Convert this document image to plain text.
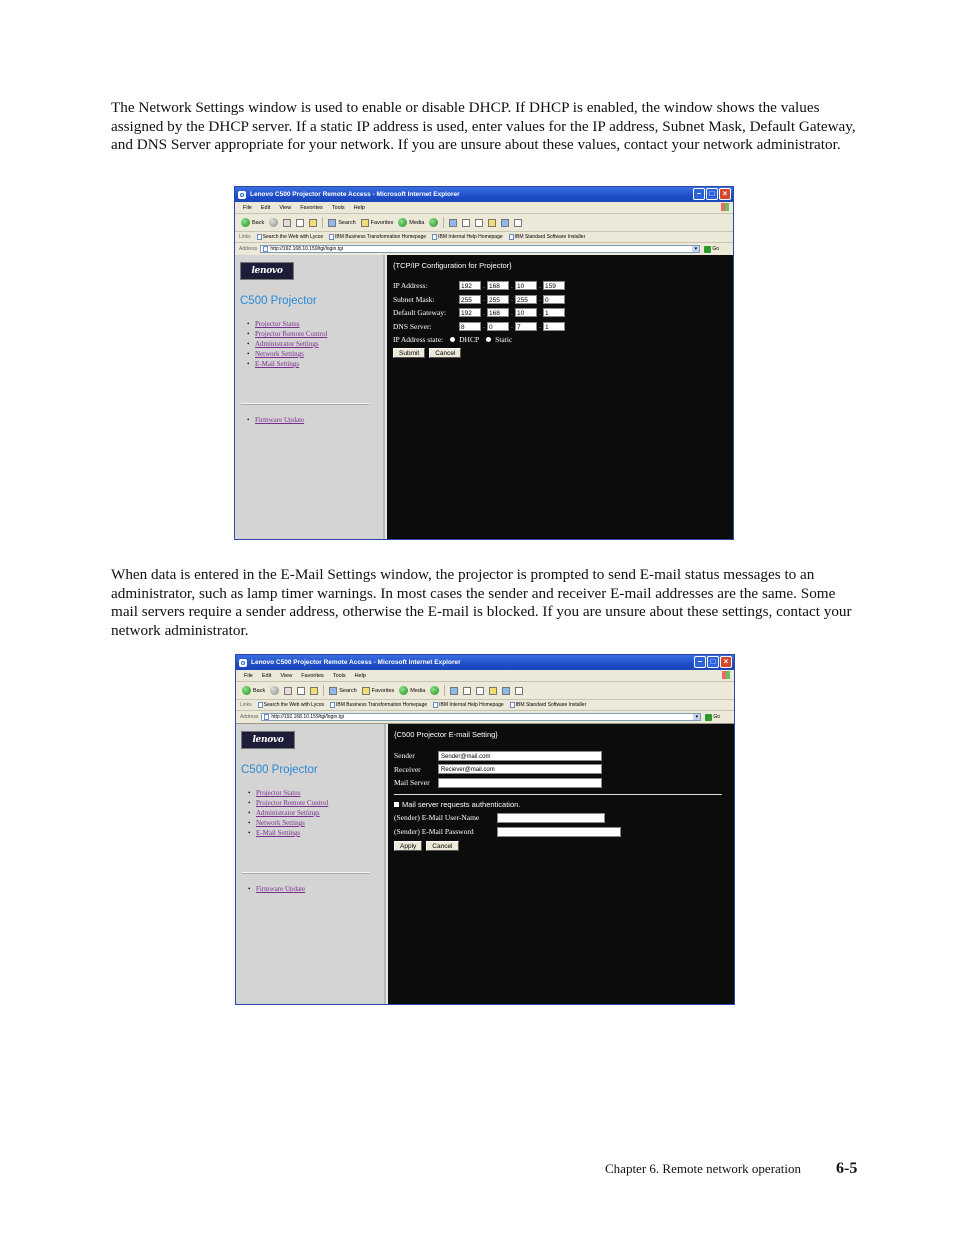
The Network Settings window is used to enable or disable DHCP. If DHCP is enabled, the window shows the values assigned by the DHCP server. If a static IP address is used, enter values for the IP address, Subnet Mask, Default Gateway, and DNS Server appropriate for your network. If you are unsure about these values, contact your network administrator.

Lenovo C500 Projector Remote Access - Microsoft Internet Explorer	–	□	×
File Edit View Favorites Tools Help
Back	Search	Favorites	Media
Links Search the Web with Lycos IBM Business Transformation Homepage IBM Internal Help Homepage IBM Standard Software Installer
Address	http://192.168.10.159/tgi/login.tgi	▾	Go
lenovo
C500 Projector
• Projector Status
• Projector Remote Control
• Administrator Settings
• Network Settings
• E-Mail Settings
• Firmware Update
{TCP/IP Configuration for Projector}
IP Address:	192	. 168	. 10	. 159
Subnet Mask:	255	. 255	. 255	. 0
Default Gateway:	192	. 168	. 10	. 1
DNS Server:	8	. 0	. 7	. 1
IP Address state: DHCP Static
Submit	Cancel

When data is entered in the E-Mail Settings window, the projector is prompted to send E-mail status messages to an administrator, such as lamp timer warnings. In most cases the sender and receiver E-mail addresses are the same. Some mail servers require a sender address, otherwise the E-mail is blocked. If you are unsure about these settings, contact your network administrator.

Lenovo C500 Projector Remote Access - Microsoft Internet Explorer	–	□	×
File Edit View Favorites Tools Help
Back	Search	Favorites	Media
Links Search the Web with Lycos IBM Business Transformation Homepage IBM Internal Help Homepage IBM Standard Software Installer
Address	http://192.168.10.159/tgi/login.tgi	▾	Go
lenovo
C500 Projector
• Projector Status
• Projector Remote Control
• Administrator Settings
• Network Settings
• E-Mail Settings
• Firmware Update
{C500 Projector E-mail Setting}
Sender	Sender@mail.com
Receiver	Reciever@mail.com
Mail Server
Mail server requests authentication.
(Sender) E-Mail User-Name
(Sender) E-Mail Password
Apply	Cancel
Chapter 6. Remote network operation 6-5
